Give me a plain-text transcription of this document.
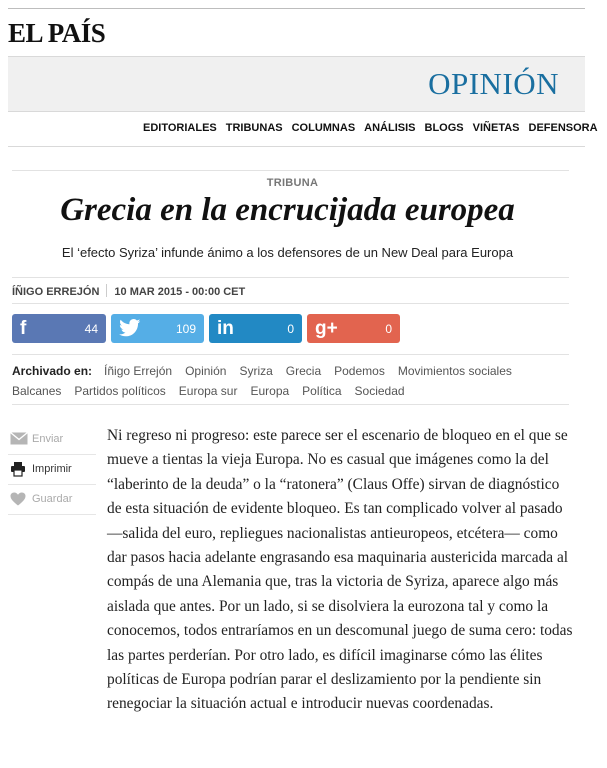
EL PAÍS
OPINIÓN
EDITORIALES TRIBUNAS COLUMNAS ANÁLISIS BLOGS VIÑETAS DEFENSORA
TRIBUNA
Grecia en la encrucijada europea
El ‘efecto Syriza’ infunde ánimo a los defensores de un New Deal para Europa
ÍÑIGO ERREJÓN 10 MAR 2015 - 00:00 CET
f	44	109 in	0 g+	0
Archivado en: Íñigo Errejón Opinión Syriza Grecia Podemos Movimientos sociales
Balcanes Partidos políticos Europa sur Europa Política Sociedad
Enviar
Imprimir
Guardar
Ni regreso ni progreso: este parece ser el escenario de bloqueo en el que se mueve a tientas la vieja Europa. No es casual que imágenes como la del “laberinto de la deuda” o la “ratonera” (Claus Offe) sirvan de diagnóstico de esta situación de evidente bloqueo. Es tan complicado volver al pasado —salida del euro, repliegues nacionalistas antieuropeos, etcétera— como dar pasos hacia adelante engrasando esa maquinaria austericida marcada al compás de una Alemania que, tras la victoria de Syriza, aparece algo más aislada que antes. Por un lado, si se disolviera la eurozona tal y como la conocemos, todos entraríamos en un descomunal juego de suma cero: todas las partes perderían. Por otro lado, es difícil imaginarse cómo las élites políticas de Europa podrían parar el deslizamiento por la pendiente sin renegociar la situación actual e introducir nuevas coordenadas.
